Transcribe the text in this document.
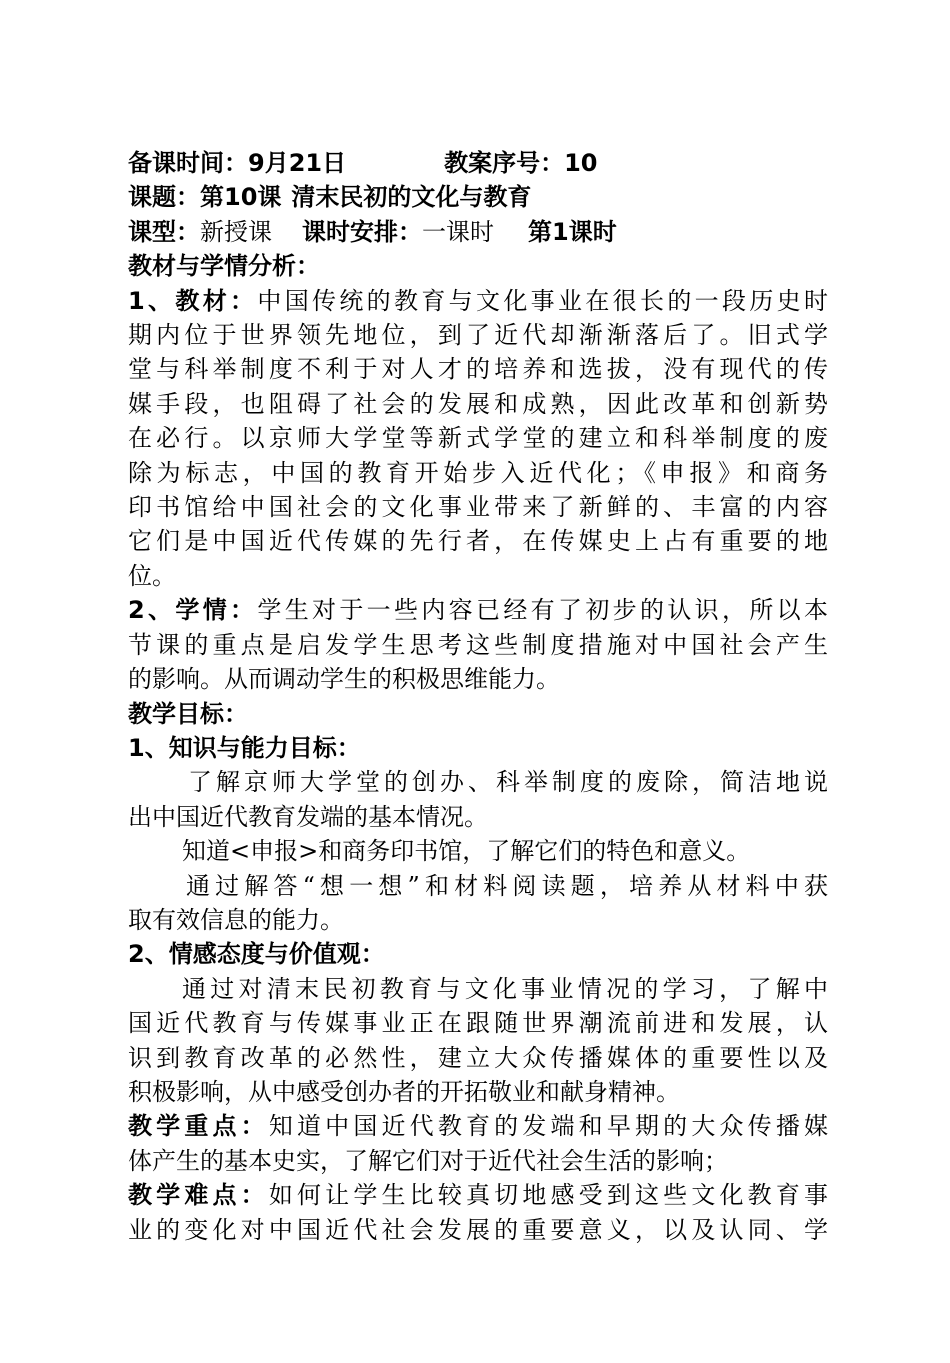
备课时间：9月21日	教案序号：10
课题：第10课 清末民初的文化与教育
课型：新授课 课时安排：一课时 第1课时
教材与学情分析：
1、教材：中国传统的教育与文化事业在很长的一段历史时
期内位于世界领先地位，到了近代却渐渐落后了。旧式学
堂与科举制度不利于对人才的培养和选拔，没有现代的传
媒手段，也阻碍了社会的发展和成熟，因此改革和创新势
在必行。以京师大学堂等新式学堂的建立和科举制度的废
除为标志，中国的教育开始步入近代化；《申报》和商务
印书馆给中国社会的文化事业带来了新鲜的、丰富的内容
它们是中国近代传媒的先行者，在传媒史上占有重要的地
位。
2、学情：学生对于一些内容已经有了初步的认识，所以本
节课的重点是启发学生思考这些制度措施对中国社会产生
的影响。从而调动学生的积极思维能力。
教学目标：
1、知识与能力目标：
了解京师大学堂的创办、科举制度的废除，简洁地说
出中国近代教育发端的基本情况。
知道<申报>和商务印书馆，了解它们的特色和意义。
通过解答“想一想”和材料阅读题，培养从材料中获
取有效信息的能力。
2、情感态度与价值观：
通过对清末民初教育与文化事业情况的学习，了解中
国近代教育与传媒事业正在跟随世界潮流前进和发展，认
识到教育改革的必然性，建立大众传播媒体的重要性以及
积极影响，从中感受创办者的开拓敬业和献身精神。
教学重点：知道中国近代教育的发端和早期的大众传播媒
体产生的基本史实，了解它们对于近代社会生活的影响；
教学难点：如何让学生比较真切地感受到这些文化教育事
业的变化对中国近代社会发展的重要意义，以及认同、学
